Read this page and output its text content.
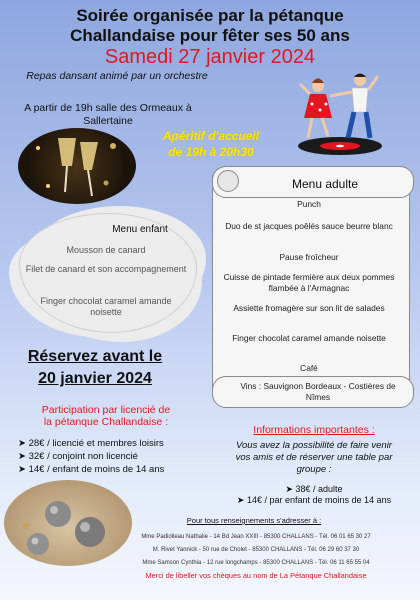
Soirée organisée par la pétanque
Challandaise pour fêter ses 50 ans
Samedi 27 janvier 2024
Repas dansant animé par un orchestre
A partir de 19h salle des Ormeaux à
Sallertaine
Apéritif d'accueil
de 19h à 20h30
Menu adulte
Punch
Duo de st jacques poêlés sauce beurre blanc
Pause froîcheur
Cuisse de pintade fermière aux deux pommes flambée à l'Armagnac
Assiette fromagère sur son lit de salades
Finger chocolat caramel amande noisette
Café
Vins : Sauvignon Bordeaux - Costières de Nîmes
Menu enfant
Mousson de canard
Filet de canard et son accompagnement
Finger chocolat caramel amande noisette
Réservez avant le
20 janvier 2024
Participation par licencié de
la pétanque Challandaise :
➤ 28€ / licencié et membres loisirs
➤ 32€ / conjoint non licencié
➤ 14€ / enfant de moins de 14 ans
Informations importantes :
Vous avez la possibilité de faire venir
vos amis et de réserver une table par
groupe :
➤ 38€ / adulte
➤ 14€ / par enfant de moins de 14 ans
Pour tous renseignements s'adresser à :
Mme Padiolleau Nathalie - 14 Bd Jean XXIII - 85300 CHALLANS - Tél. 06 01 65 30 27
M. Rivet Yannick - 50 rue de Cholet - 85300 CHALLANS - Tél. 06 29 60 37 30
Mme Samson Cynthia - 12 rue longchamps - 85300 CHALLANS - Tél. 06 11 65 55 04
Merci de libeller vos chèques au nom de La Pétanque Challandaise
